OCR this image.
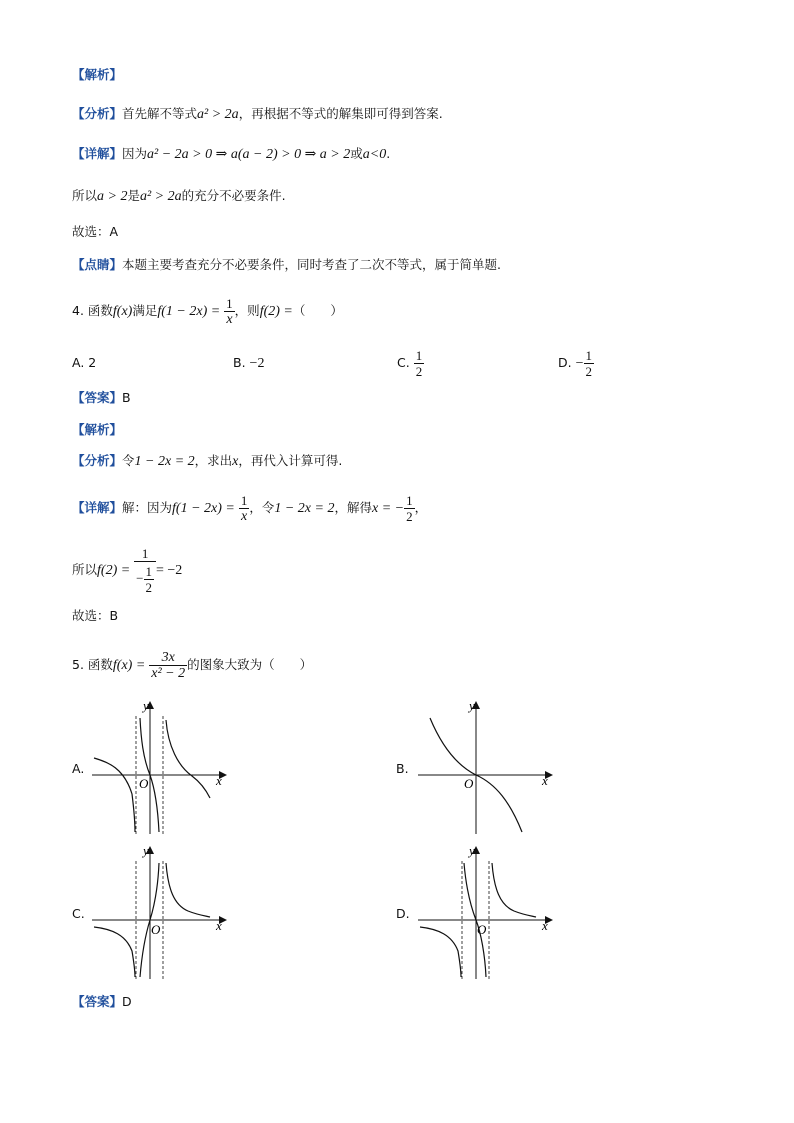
【解析】
【分析】首先解不等式a² > 2a，再根据不等式的解集即可得到答案.
【详解】因为a² − 2a > 0 ⇒ a(a − 2) > 0 ⇒ a > 2或a<0.
所以a > 2是a² > 2a的充分不必要条件.
故选：A
【点睛】本题主要考查充分不必要条件，同时考查了二次不等式，属于简单题.
4. 函数f(x)满足$f(1 - 2x) = \frac{1}{x}$ ，则f(2) =（　　）
A. 2	B. −2	C. $\frac{1}{2}$	D. − $\frac{1}{2}$
【答案】B
【解析】
【分析】令1 − 2x = 2，求出x，再代入计算可得.
【详解】解：因为$f(1 - 2x) = \frac{1}{x}$ ，令1 − 2x = 2，解得x = − $\frac{1}{2}$ ，
所以$f(2) = \frac{1}{- \frac{1}{2}} = -2$
故选：B
5. 函数$f(x) = \frac{3x}{\text{x² − 2}}$ 的图象大致为（　　）
A.	B.
C.	D.
O	x
y
O	x
y
O	x
y
O	x
y
【答案】D
